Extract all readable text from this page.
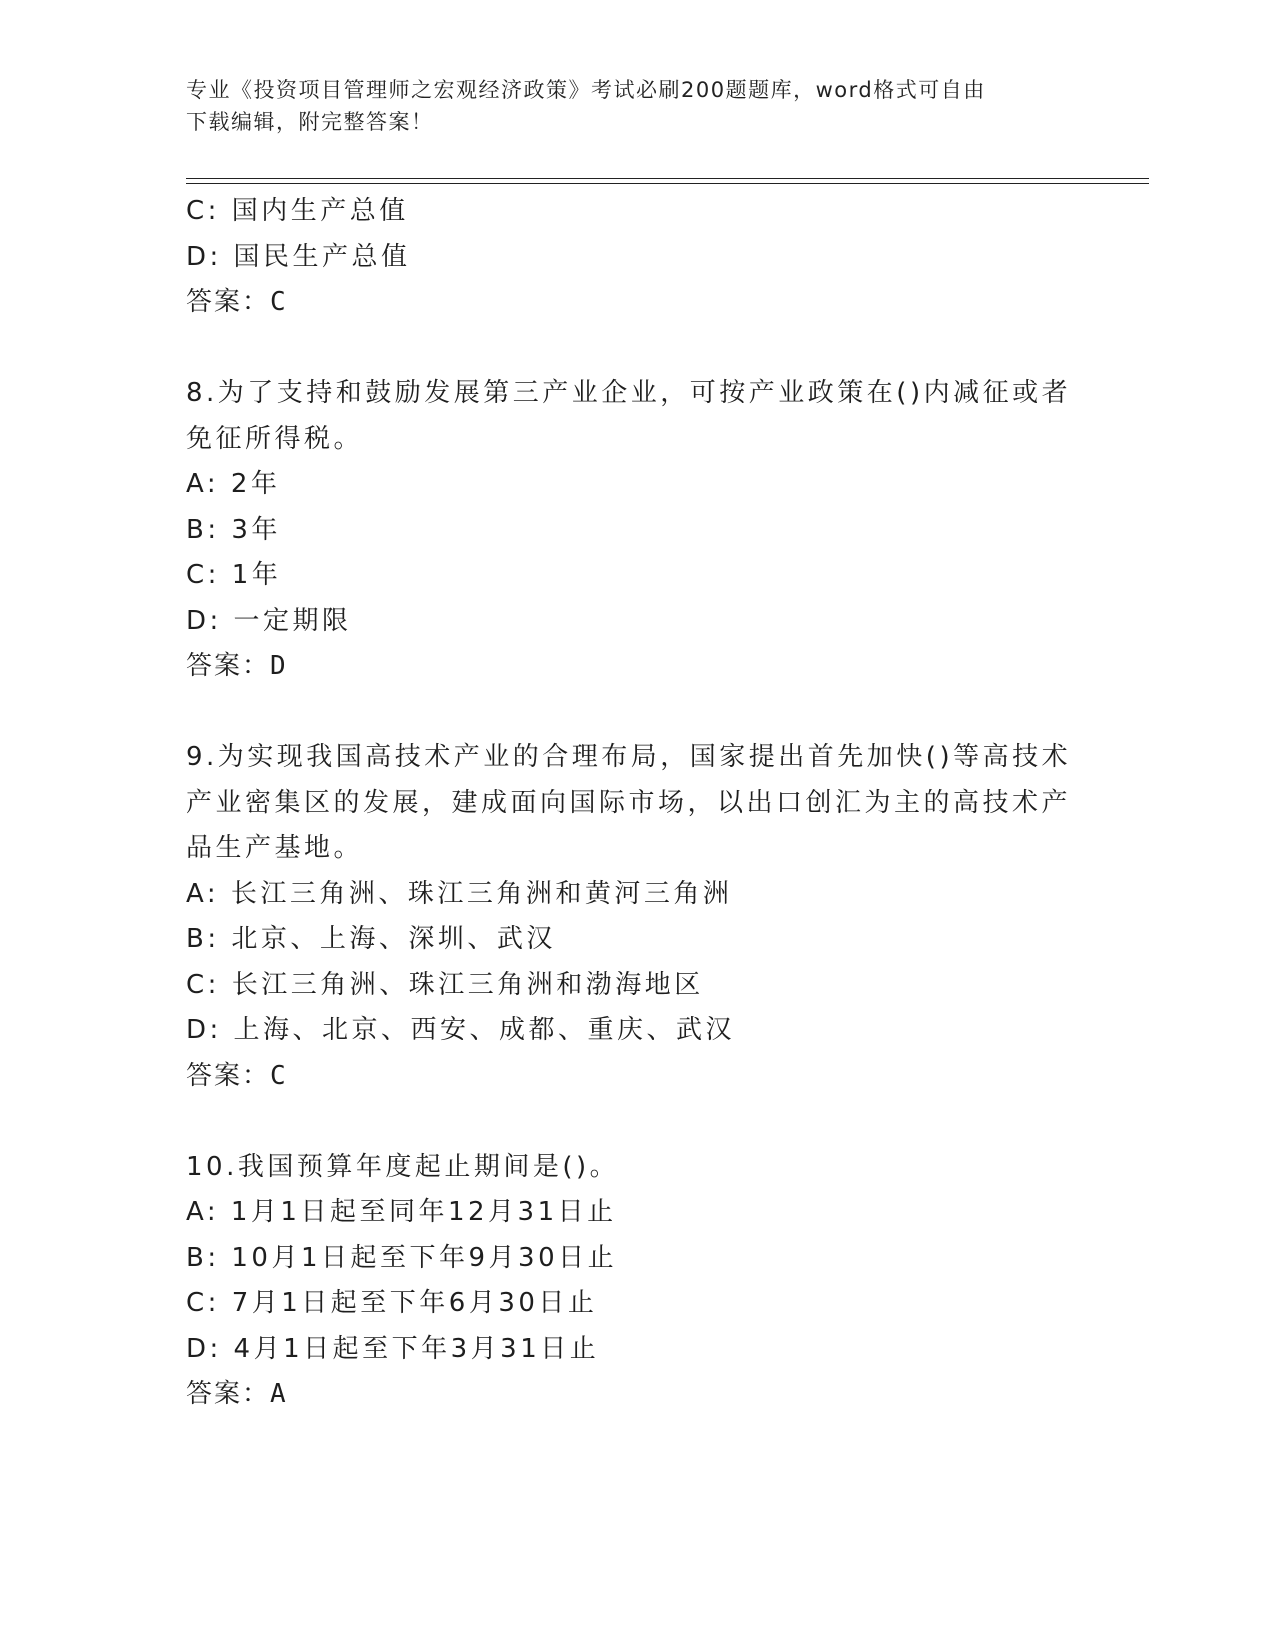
专业《投资项目管理师之宏观经济政策》考试必刷200题题库，word格式可自由
下载编辑，附完整答案！
C: 国内生产总值
D: 国民生产总值
答案：C
8.为了支持和鼓励发展第三产业企业，可按产业政策在()内减征或者
免征所得税。
A: 2年
B: 3年
C: 1年
D: 一定期限
答案：D
9.为实现我国高技术产业的合理布局，国家提出首先加快()等高技术
产业密集区的发展，建成面向国际市场，以出口创汇为主的高技术产
品生产基地。
A: 长江三角洲、珠江三角洲和黄河三角洲
B: 北京、上海、深圳、武汉
C: 长江三角洲、珠江三角洲和渤海地区
D: 上海、北京、西安、成都、重庆、武汉
答案：C
10.我国预算年度起止期间是()。
A: 1月1日起至同年12月31日止
B: 10月1日起至下年9月30日止
C: 7月1日起至下年6月30日止
D: 4月1日起至下年3月31日止
答案：A
